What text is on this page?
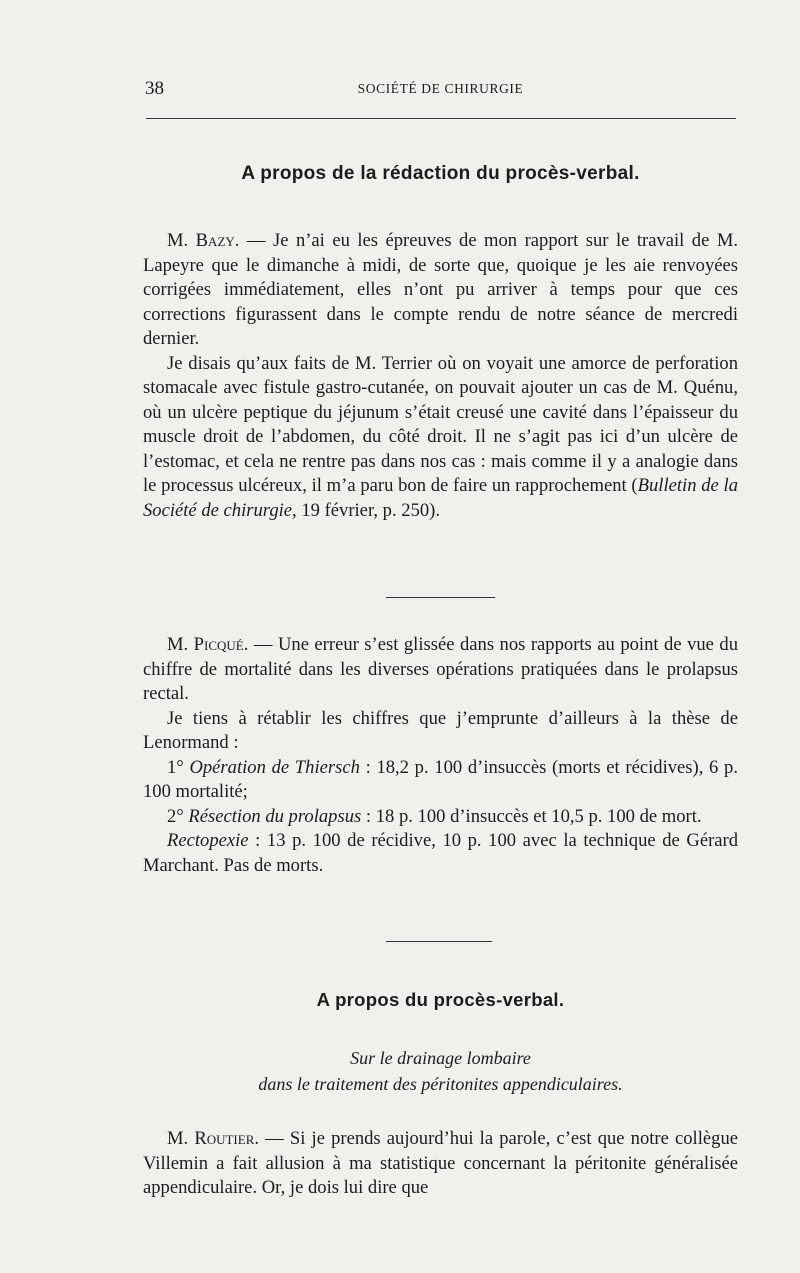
38	SOCIÉTÉ DE CHIRURGIE
A propos de la rédaction du procès-verbal.

M. Bazy. — Je n’ai eu les épreuves de mon rapport sur le travail de M. Lapeyre que le dimanche à midi, de sorte que, quoique je les aie renvoyées corrigées immédiatement, elles n’ont pu arriver à temps pour que ces corrections figurassent dans le compte rendu de notre séance de mercredi dernier.

Je disais qu’aux faits de M. Terrier où on voyait une amorce de perforation stomacale avec fistule gastro-cutanée, on pouvait ajouter un cas de M. Quénu, où un ulcère peptique du jéjunum s’était creusé une cavité dans l’épaisseur du muscle droit de l’abdomen, du côté droit. Il ne s’agit pas ici d’un ulcère de l’estomac, et cela ne rentre pas dans nos cas : mais comme il y a analogie dans le processus ulcéreux, il m’a paru bon de faire un rapprochement (Bulletin de la Société de chirurgie, 19 février, p. 250).

M. Picqué. — Une erreur s’est glissée dans nos rapports au point de vue du chiffre de mortalité dans les diverses opérations pratiquées dans le prolapsus rectal.

Je tiens à rétablir les chiffres que j’emprunte d’ailleurs à la thèse de Lenormand :

1° Opération de Thiersch : 18,2 p. 100 d’insuccès (morts et récidives), 6 p. 100 mortalité;

2° Résection du prolapsus : 18 p. 100 d’insuccès et 10,5 p. 100 de mort.

Rectopexie : 13 p. 100 de récidive, 10 p. 100 avec la technique de Gérard Marchant. Pas de morts.

A propos du procès-verbal.
Sur le drainage lombaire
dans le traitement des péritonites appendiculaires.

M. Routier. — Si je prends aujourd’hui la parole, c’est que notre collègue Villemin a fait allusion à ma statistique concernant la péritonite généralisée appendiculaire. Or, je dois lui dire que
